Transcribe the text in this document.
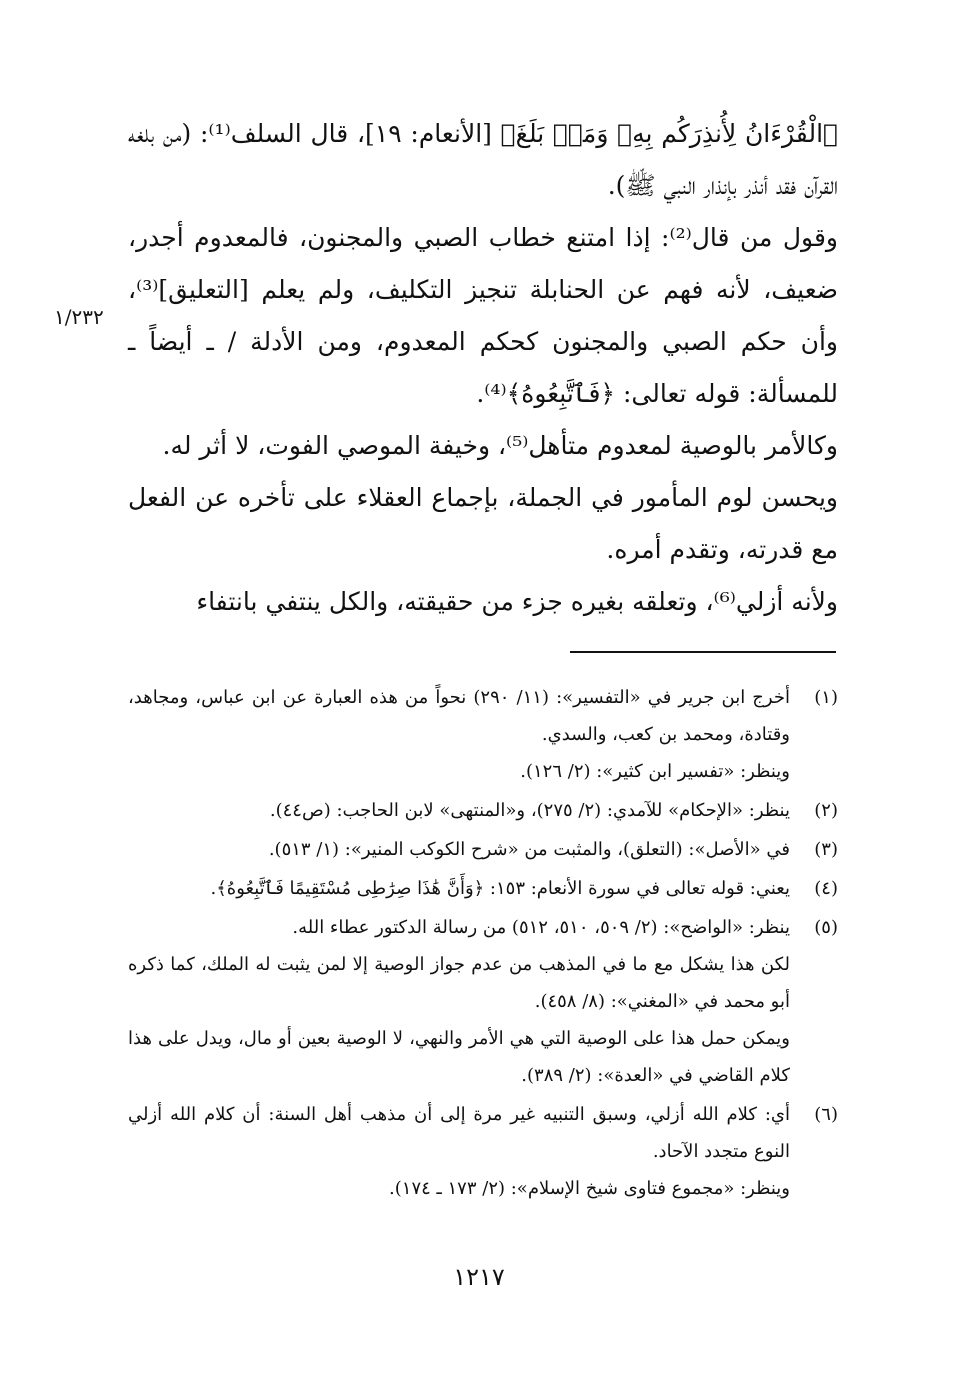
﴿الْقُرْءَانُ لِأُنذِرَكُم بِهِۦ وَمَنۢ بَلَغَ﴾ [الأنعام: ١٩]، قال السلف⁽¹⁾: (من بلغه القرآن فقد أنذر بإنذار النبي ﷺ).

وقول من قال⁽²⁾: إذا امتنع خطاب الصبي والمجنون، فالمعدوم أجدر، ضعيف، لأنه فهم عن الحنابلة تنجيز التكليف، ولم يعلم [التعليق]⁽³⁾، وأن حكم الصبي والمجنون كحكم المعدوم، ومن الأدلة / ـ أيضاً ـ للمسألة: قوله تعالى: ﴿فَٱتَّبِعُوهُ﴾⁽⁴⁾.

وكالأمر بالوصية لمعدوم متأهل⁽⁵⁾، وخيفة الموصي الفوت، لا أثر له.

ويحسن لوم المأمور في الجملة، بإجماع العقلاء على تأخره عن الفعل مع قدرته، وتقدم أمره.

ولأنه أزلي⁽⁶⁾، وتعلقه بغيره جزء من حقيقته، والكل ينتفي بانتفاء

١/٢٣٢
(١)
أخرج ابن جرير في «التفسير»: (١١/ ٢٩٠) نحواً من هذه العبارة عن ابن عباس، ومجاهد، وقتادة، ومحمد بن كعب، والسدي.
وينظر: «تفسير ابن كثير»: (٢/ ١٢٦).
(٢)
ينظر: «الإحكام» للآمدي: (٢/ ٢٧٥)، و«المنتهى» لابن الحاجب: (ص٤٤).
(٣)
في «الأصل»: (التعلق)، والمثبت من «شرح الكوكب المنير»: (١/ ٥١٣).
(٤)
يعني: قوله تعالى في سورة الأنعام: ١٥٣: ﴿وَأَنَّ هَٰذَا صِرَٰطِى مُسْتَقِيمًا فَٱتَّبِعُوهُ﴾.
(٥)
ينظر: «الواضح»: (٢/ ٥٠٩، ٥١٠، ٥١٢) من رسالة الدكتور عطاء الله.
لكن هذا يشكل مع ما في المذهب من عدم جواز الوصية إلا لمن يثبت له الملك، كما ذكره أبو محمد في «المغني»: (٨/ ٤٥٨).
ويمكن حمل هذا على الوصية التي هي الأمر والنهي، لا الوصية بعين أو مال، ويدل على هذا كلام القاضي في «العدة»: (٢/ ٣٨٩).
(٦)
أي: كلام الله أزلي، وسبق التنبيه غير مرة إلى أن مذهب أهل السنة: أن كلام الله أزلي النوع متجدد الآحاد.
وينظر: «مجموع فتاوى شيخ الإسلام»: (٢/ ١٧٣ ـ ١٧٤).
١٢١٧
